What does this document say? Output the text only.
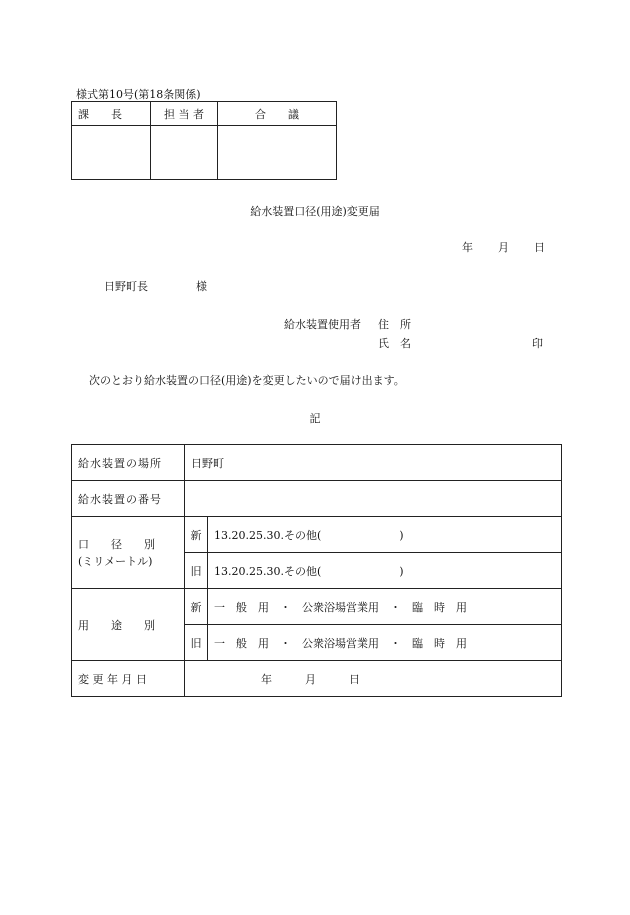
様式第10号(第18条関係)
課　　長	担 当 者	合　　議

給水装置口径(用途)変更届
年 月 日
日野町長	様
給水装置使用者 住　所
氏　名	印
次のとおり給水装置の口径(用途)を変更したいので届け出ます。
記
給水装置の場所	日野町	
給水装置の番号		

口　　径　　別
(ミリメートル)	新	13.20.25.30.その他( )
	旧	13.20.25.30.その他( )
用　　途　　別	新	一　般　用　・　公衆浴場営業用　・　臨　時　用
	旧	一　般　用　・　公衆浴場営業用　・　臨　時　用
変 更 年 月 日	年　　　月　　　日	
